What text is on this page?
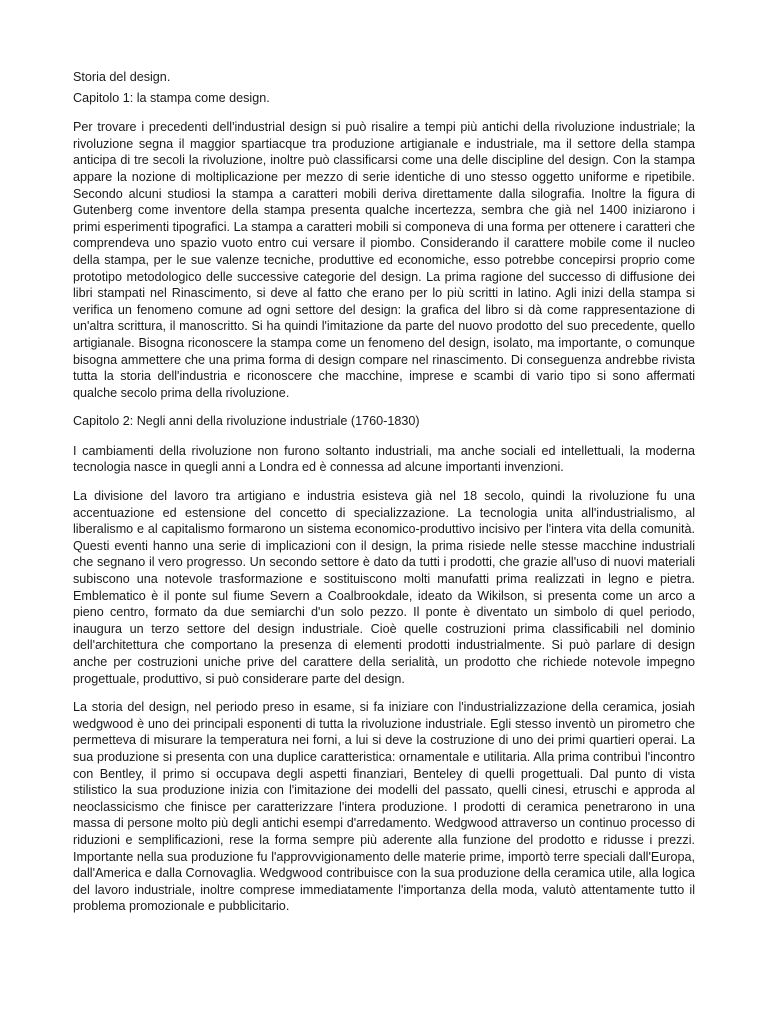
Storia del design.

Capitolo 1: la stampa come design.

Per trovare i precedenti dell'industrial design si può risalire a tempi più antichi della rivoluzione industriale; la rivoluzione segna il maggior spartiacque tra produzione artigianale e industriale, ma il settore della stampa anticipa di tre secoli la rivoluzione, inoltre può classificarsi come una delle discipline del design. Con la stampa appare la nozione di moltiplicazione per mezzo di serie identiche di uno stesso oggetto uniforme e ripetibile. Secondo alcuni studiosi la stampa a caratteri mobili deriva direttamente dalla silografia. Inoltre la figura di Gutenberg come inventore della stampa presenta qualche incertezza, sembra che già nel 1400 iniziarono i primi esperimenti tipografici. La stampa a caratteri mobili si componeva di una forma per ottenere i caratteri che comprendeva uno spazio vuoto entro cui versare il piombo. Considerando il carattere mobile come il nucleo della stampa, per le sue valenze tecniche, produttive ed economiche, esso potrebbe concepirsi proprio come prototipo metodologico delle successive categorie del design. La prima ragione del successo di diffusione dei libri stampati nel Rinascimento, si deve al fatto che erano per lo più scritti in latino. Agli inizi della stampa si verifica un fenomeno comune ad ogni settore del design: la grafica del libro si dà come rappresentazione di un'altra scrittura, il manoscritto. Si ha quindi l'imitazione da parte del nuovo prodotto del suo precedente, quello artigianale. Bisogna riconoscere la stampa come un fenomeno del design, isolato, ma importante, o comunque bisogna ammettere che una prima forma di design compare nel rinascimento. Di conseguenza andrebbe rivista tutta la storia dell'industria e riconoscere che macchine, imprese e scambi di vario tipo si sono affermati qualche secolo prima della rivoluzione.

Capitolo 2: Negli anni della rivoluzione industriale (1760-1830)

I cambiamenti della rivoluzione non furono soltanto industriali, ma anche sociali ed intellettuali, la moderna tecnologia nasce in quegli anni a Londra ed è connessa ad alcune importanti invenzioni.

La divisione del lavoro tra artigiano e industria esisteva già nel 18 secolo, quindi la rivoluzione fu una accentuazione ed estensione del concetto di specializzazione. La tecnologia unita all'industrialismo, al liberalismo e al capitalismo formarono un sistema economico-produttivo incisivo per l'intera vita della comunità. Questi eventi hanno una serie di implicazioni con il design, la prima risiede nelle stesse macchine industriali che segnano il vero progresso. Un secondo settore è dato da tutti i prodotti, che grazie all'uso di nuovi materiali subiscono una notevole trasformazione e sostituiscono molti manufatti prima realizzati in legno e pietra. Emblematico è il ponte sul fiume Severn a Coalbrookdale, ideato da Wikilson, si presenta come un arco a pieno centro, formato da due semiarchi d'un solo pezzo. Il ponte è diventato un simbolo di quel periodo, inaugura un terzo settore del design industriale. Cioè quelle costruzioni prima classificabili nel dominio dell'architettura che comportano la presenza di elementi prodotti industrialmente. Si può parlare di design anche per costruzioni uniche prive del carattere della serialità, un prodotto che richiede notevole impegno progettuale, produttivo, si può considerare parte del design.

La storia del design, nel periodo preso in esame, si fa iniziare con l'industrializzazione della ceramica, josiah wedgwood è uno dei principali esponenti di tutta la rivoluzione industriale. Egli stesso inventò un pirometro che permetteva di misurare la temperatura nei forni, a lui si deve la costruzione di uno dei primi quartieri operai. La sua produzione si presenta con una duplice caratteristica: ornamentale e utilitaria. Alla prima contribuì l'incontro con Bentley, il primo si occupava degli aspetti finanziari, Benteley di quelli progettuali. Dal punto di vista stilistico la sua produzione inizia con l'imitazione dei modelli del passato, quelli cinesi, etruschi e approda al neoclassicismo che finisce per caratterizzare l'intera produzione. I prodotti di ceramica penetrarono in una massa di persone molto più degli antichi esempi d'arredamento. Wedgwood attraverso un continuo processo di riduzioni e semplificazioni, rese la forma sempre più aderente alla funzione del prodotto e ridusse i prezzi. Importante nella sua produzione fu l'approvvigionamento delle materie prime, importò terre speciali dall'Europa, dall'America e dalla Cornovaglia. Wedgwood contribuisce con la sua produzione della ceramica utile, alla logica del lavoro industriale, inoltre comprese immediatamente l'importanza della moda, valutò attentamente tutto il problema promozionale e pubblicitario.
